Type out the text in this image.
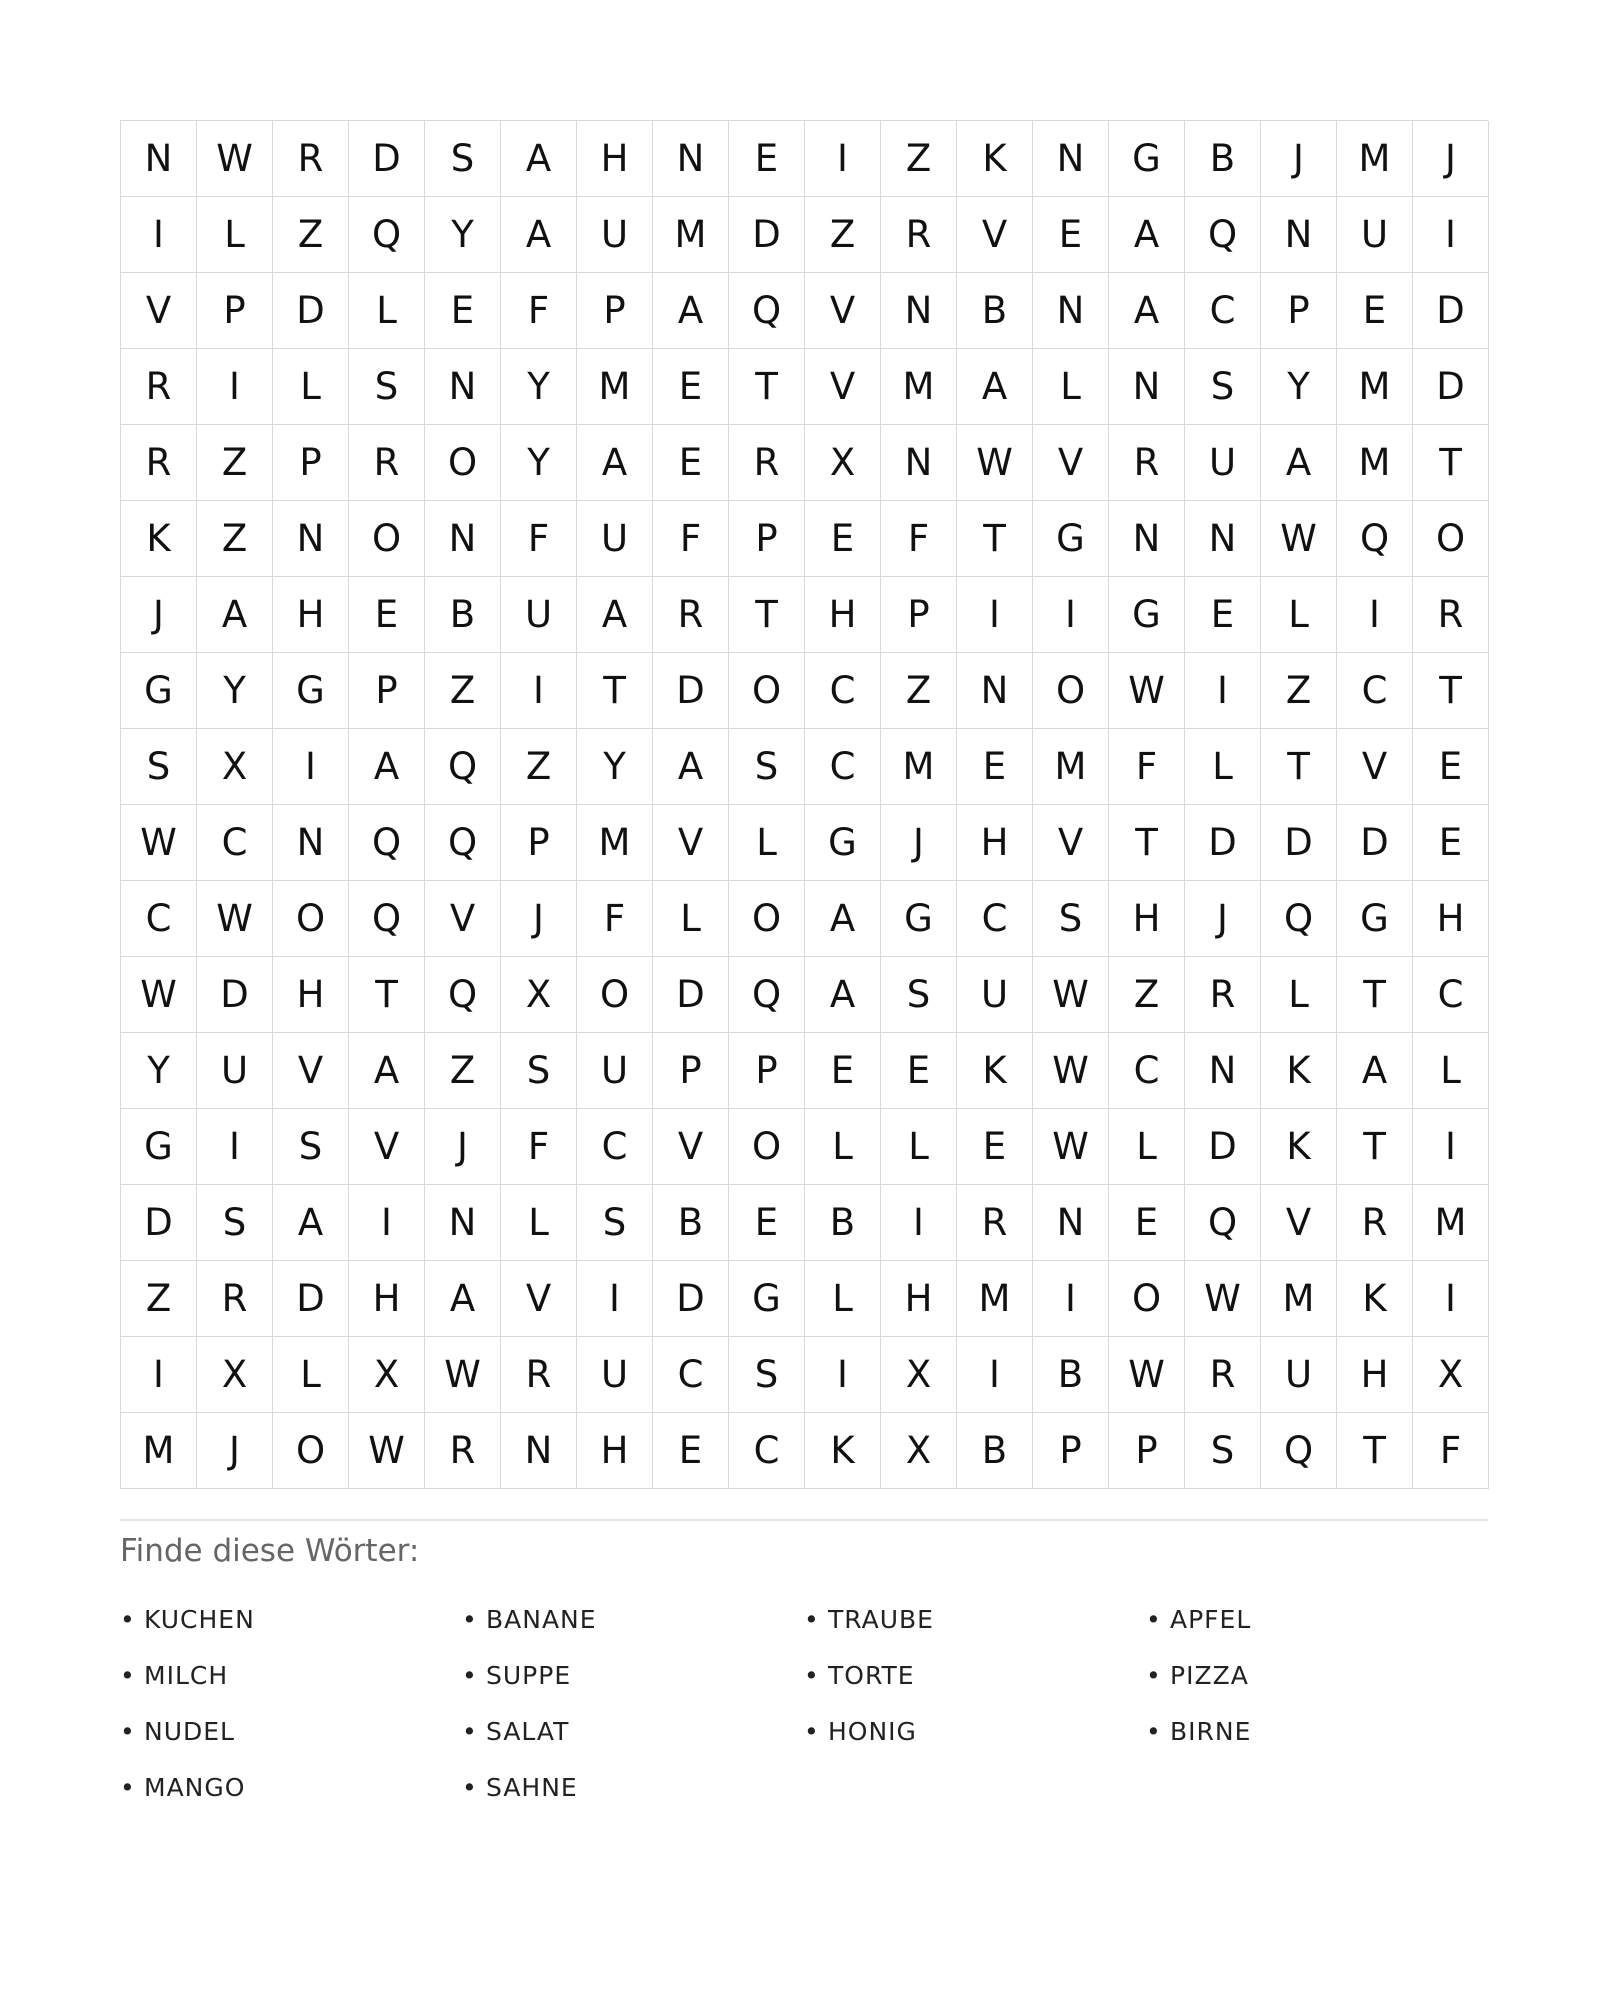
N	W	R	D	S	A	H	N	E	I	Z	K	N	G	B	J	M	J
I	L	Z	Q	Y	A	U	M	D	Z	R	V	E	A	Q	N	U	I
V	P	D	L	E	F	P	A	Q	V	N	B	N	A	C	P	E	D
R	I	L	S	N	Y	M	E	T	V	M	A	L	N	S	Y	M	D
R	Z	P	R	O	Y	A	E	R	X	N	W	V	R	U	A	M	T
K	Z	N	O	N	F	U	F	P	E	F	T	G	N	N	W	Q	O
J	A	H	E	B	U	A	R	T	H	P	I	I	G	E	L	I	R
G	Y	G	P	Z	I	T	D	O	C	Z	N	O	W	I	Z	C	T
S	X	I	A	Q	Z	Y	A	S	C	M	E	M	F	L	T	V	E
W	C	N	Q	Q	P	M	V	L	G	J	H	V	T	D	D	D	E
C	W	O	Q	V	J	F	L	O	A	G	C	S	H	J	Q	G	H
W	D	H	T	Q	X	O	D	Q	A	S	U	W	Z	R	L	T	C
Y	U	V	A	Z	S	U	P	P	E	E	K	W	C	N	K	A	L
G	I	S	V	J	F	C	V	O	L	L	E	W	L	D	K	T	I
D	S	A	I	N	L	S	B	E	B	I	R	N	E	Q	V	R	M
Z	R	D	H	A	V	I	D	G	L	H	M	I	O	W	M	K	I
I	X	L	X	W	R	U	C	S	I	X	I	B	W	R	U	H	X
M	J	O	W	R	N	H	E	C	K	X	B	P	P	S	Q	T	F
Finde diese Wörter:
• KUCHEN	• BANANE	• TRAUBE	• APFEL
• MILCH	• SUPPE	• TORTE	• PIZZA
• NUDEL	• SALAT	• HONIG	• BIRNE
• MANGO	• SAHNE
